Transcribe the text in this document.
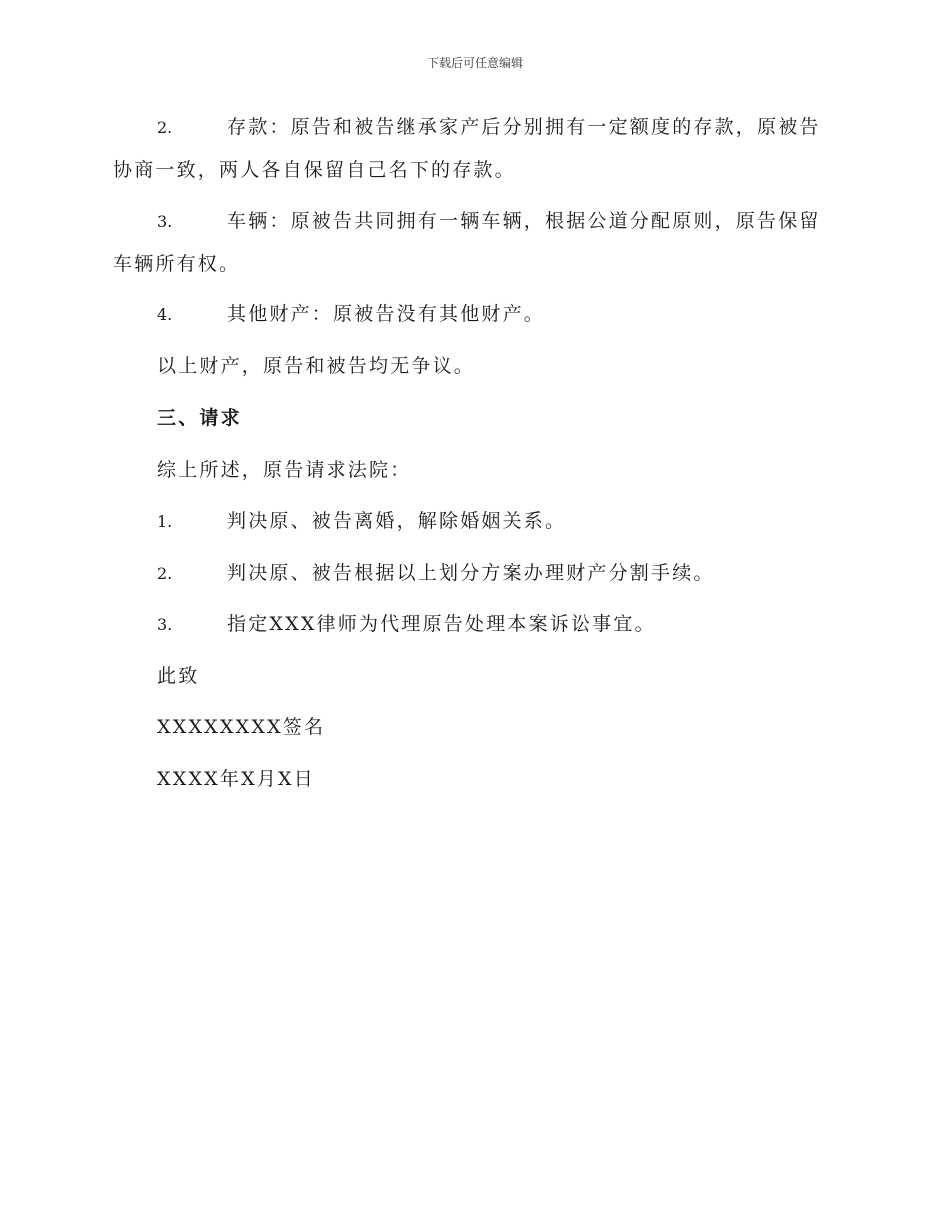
下载后可任意编辑

2.	存款：原告和被告继承家产后分别拥有一定额度的存款，原被告协商一致，两人各自保留自己名下的存款。

3.	车辆：原被告共同拥有一辆车辆，根据公道分配原则，原告保留车辆所有权。

4.	其他财产：原被告没有其他财产。

以上财产，原告和被告均无争议。

三、请求

综上所述，原告请求法院：

1.	判决原、被告离婚，解除婚姻关系。

2.	判决原、被告根据以上划分方案办理财产分割手续。

3.	指定XXX律师为代理原告处理本案诉讼事宜。

此致

XXXXXXXX签名

XXXX年X月X日
